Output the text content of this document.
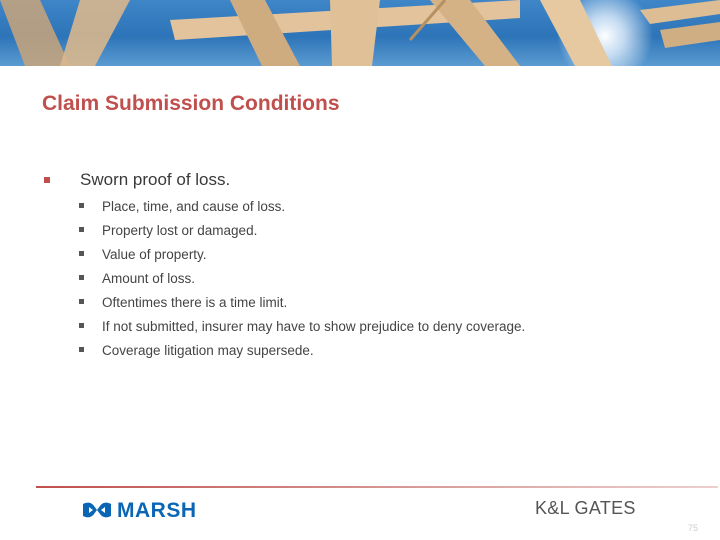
Claim Submission Conditions
Sworn proof of loss.
Place, time, and cause of loss.
Property lost or damaged.
Value of property.
Amount of loss.
Oftentimes there is a time limit.
If not submitted, insurer may have to show prejudice to deny coverage.
Coverage litigation may supersede.
MARSH	K&L GATES
75
